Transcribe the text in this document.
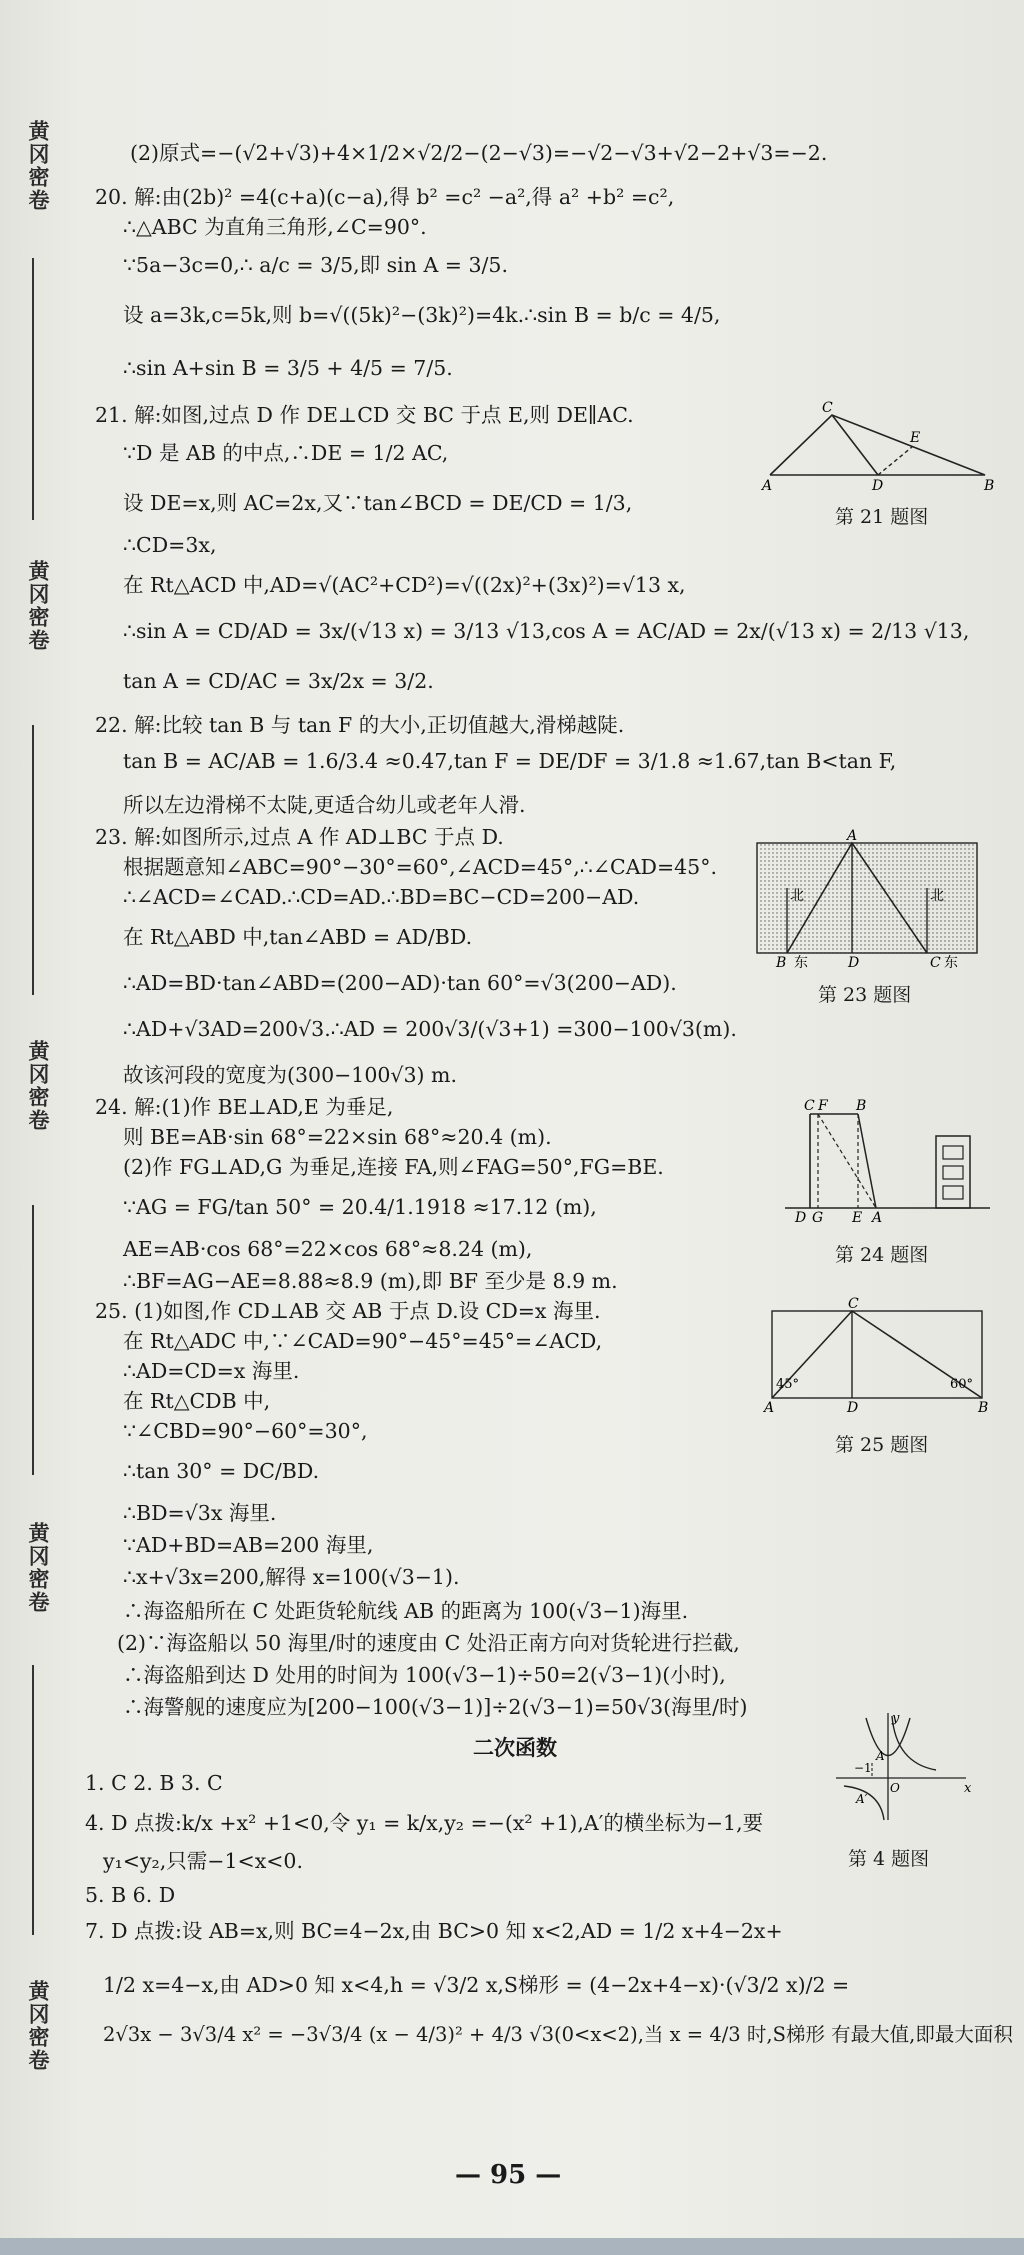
黄冈密卷
黄冈密卷
黄冈密卷
黄冈密卷
黄冈密卷
(2)原式=−(√2+√3)+4×1/2×√2/2−(2−√3)=−√2−√3+√2−2+√3=−2.
20. 解:由(2b)² =4(c+a)(c−a),得 b² =c² −a²,得 a² +b² =c²,
∴△ABC 为直角三角形,∠C=90°.
∵5a−3c=0,∴ a/c = 3/5,即 sin A = 3/5.
设 a=3k,c=5k,则 b=√((5k)²−(3k)²)=4k.∴sin B = b/c = 4/5,
∴sin A+sin B = 3/5 + 4/5 = 7/5.
21. 解:如图,过点 D 作 DE⊥CD 交 BC 于点 E,则 DE∥AC.
∵D 是 AB 的中点,∴DE = 1/2 AC,
设 DE=x,则 AC=2x,又∵tan∠BCD = DE/CD = 1/3,
∴CD=3x,
在 Rt△ACD 中,AD=√(AC²+CD²)=√((2x)²+(3x)²)=√13 x,
∴sin A = CD/AD = 3x/(√13 x) = 3/13 √13,cos A = AC/AD = 2x/(√13 x) = 2/13 √13,
tan A = CD/AC = 3x/2x = 3/2.
22. 解:比较 tan B 与 tan F 的大小,正切值越大,滑梯越陡.
tan B = AC/AB = 1.6/3.4 ≈0.47,tan F = DE/DF = 3/1.8 ≈1.67,tan B<tan F,
所以左边滑梯不太陡,更适合幼儿或老年人滑.
23. 解:如图所示,过点 A 作 AD⊥BC 于点 D.
根据题意知∠ABC=90°−30°=60°,∠ACD=45°,∴∠CAD=45°.
∴∠ACD=∠CAD.∴CD=AD.∴BD=BC−CD=200−AD.
在 Rt△ABD 中,tan∠ABD = AD/BD.
∴AD=BD·tan∠ABD=(200−AD)·tan 60°=√3(200−AD).
∴AD+√3AD=200√3.∴AD = 200√3/(√3+1) =300−100√3(m).
故该河段的宽度为(300−100√3) m.
24. 解:(1)作 BE⊥AD,E 为垂足,
则 BE=AB·sin 68°=22×sin 68°≈20.4 (m).
(2)作 FG⊥AD,G 为垂足,连接 FA,则∠FAG=50°,FG=BE.
∵AG = FG/tan 50° = 20.4/1.1918 ≈17.12 (m),
AE=AB·cos 68°=22×cos 68°≈8.24 (m),
∴BF=AG−AE=8.88≈8.9 (m),即 BF 至少是 8.9 m.
25. (1)如图,作 CD⊥AB 交 AB 于点 D.设 CD=x 海里.
在 Rt△ADC 中,∵∠CAD=90°−45°=45°=∠ACD,
∴AD=CD=x 海里.
在 Rt△CDB 中,
∵∠CBD=90°−60°=30°,
∴tan 30° = DC/BD.
∴BD=√3x 海里.
∵AD+BD=AB=200 海里,
∴x+√3x=200,解得 x=100(√3−1).
∴海盗船所在 C 处距货轮航线 AB 的距离为 100(√3−1)海里.
(2)∵海盗船以 50 海里/时的速度由 C 处沿正南方向对货轮进行拦截,
∴海盗船到达 D 处用的时间为 100(√3−1)÷50=2(√3−1)(小时),
∴海警舰的速度应为[200−100(√3−1)]÷2(√3−1)=50√3(海里/时)
二次函数
1. C 2. B 3. C
4. D 点拨:k/x +x² +1<0,令 y₁ = k/x,y₂ =−(x² +1),A′的横坐标为−1,要
y₁<y₂,只需−1<x<0.
5. B 6. D
7. D 点拨:设 AB=x,则 BC=4−2x,由 BC>0 知 x<2,AD = 1/2 x+4−2x+
1/2 x=4−x,由 AD>0 知 x<4,h = √3/2 x,S梯形 = (4−2x+4−x)·(√3/2 x)/2 =
2√3x − 3√3/4 x² = −3√3/4 (x − 4/3)² + 4/3 √3(0<x<2),当 x = 4/3 时,S梯形 有最大值,即最大面积
C
E
A	D	B
第 21 题图
A
北	北
B 东	D	C 东
第 23 题图
C F B
D G E A
第 24 题图
C
45°	60°
A	D	B
第 25 题图
y
−1
A
A′
O	x
第 4 题图
— 95 —
